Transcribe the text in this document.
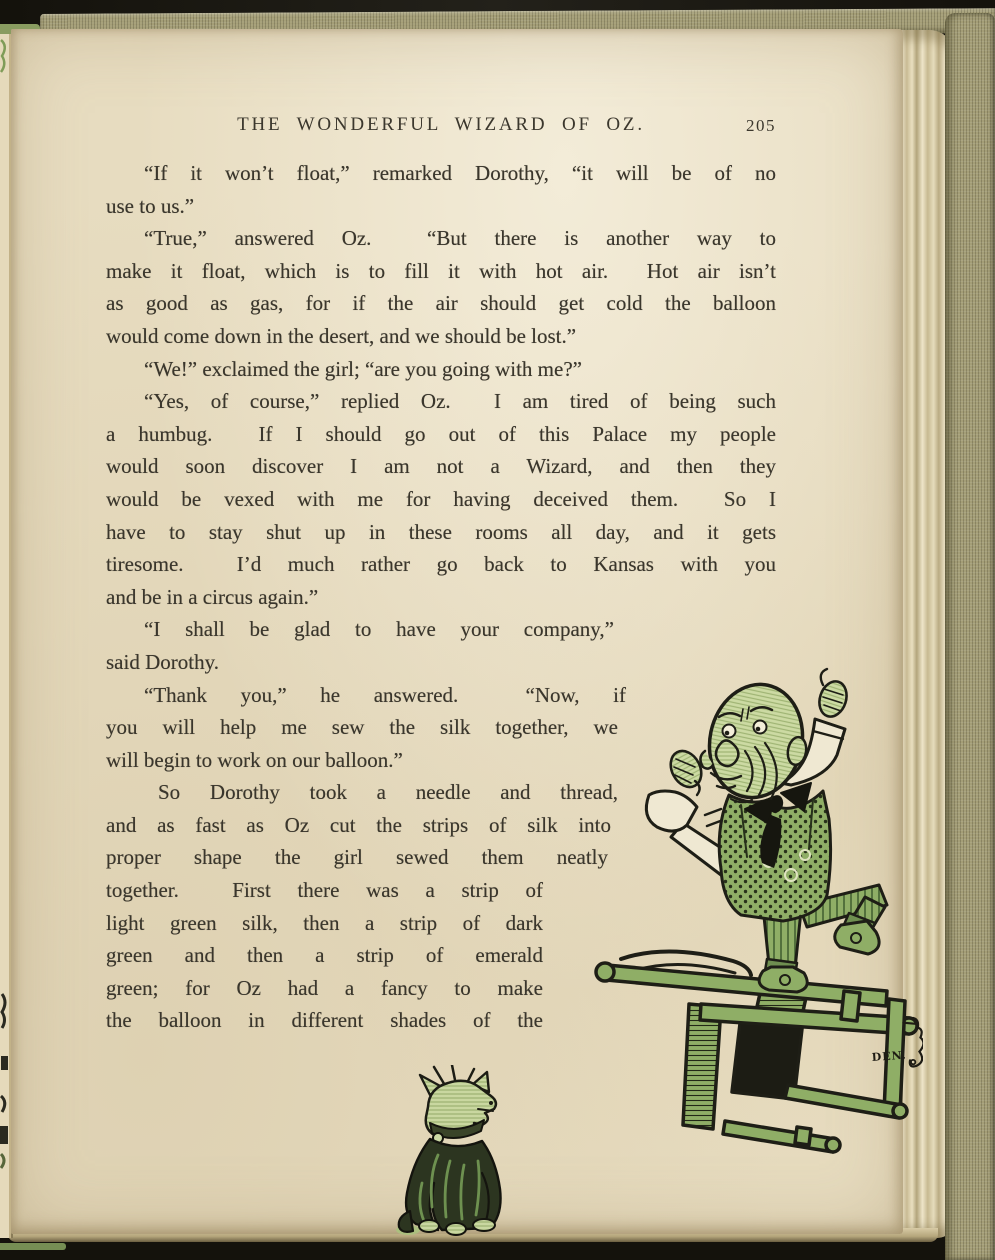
THE WONDERFUL WIZARD OF OZ.	205
“If it won’t float,” remarked Dorothy, “it will be of no
use to us.”
“True,” answered Oz.  “But there is another way to
make it float, which is to fill it with hot air.  Hot air isn’t
as good as gas, for if the air should get cold the balloon
would come down in the desert, and we should be lost.”
“We!” exclaimed the girl; “are you going with me?”
“Yes, of course,” replied Oz.  I am tired of being such
a humbug.  If I should go out of this Palace my people
would soon discover I am not a Wizard, and then they
would be vexed with me for having deceived them.  So I
have to stay shut up in these rooms all day, and it gets
tiresome.  I’d much rather go back to Kansas with you
and be in a circus again.”
“I shall be glad to have your company,”
said Dorothy.
“Thank you,” he answered.  “Now, if
you will help me sew the silk together, we
will begin to work on our balloon.”
So Dorothy took a needle and thread,
and as fast as Oz cut the strips of silk into
proper shape the girl sewed them neatly
together.  First there was a strip of
light green silk, then a strip of dark
green and then a strip of emerald
green; for Oz had a fancy to make
the balloon in different shades of the
DEN.
